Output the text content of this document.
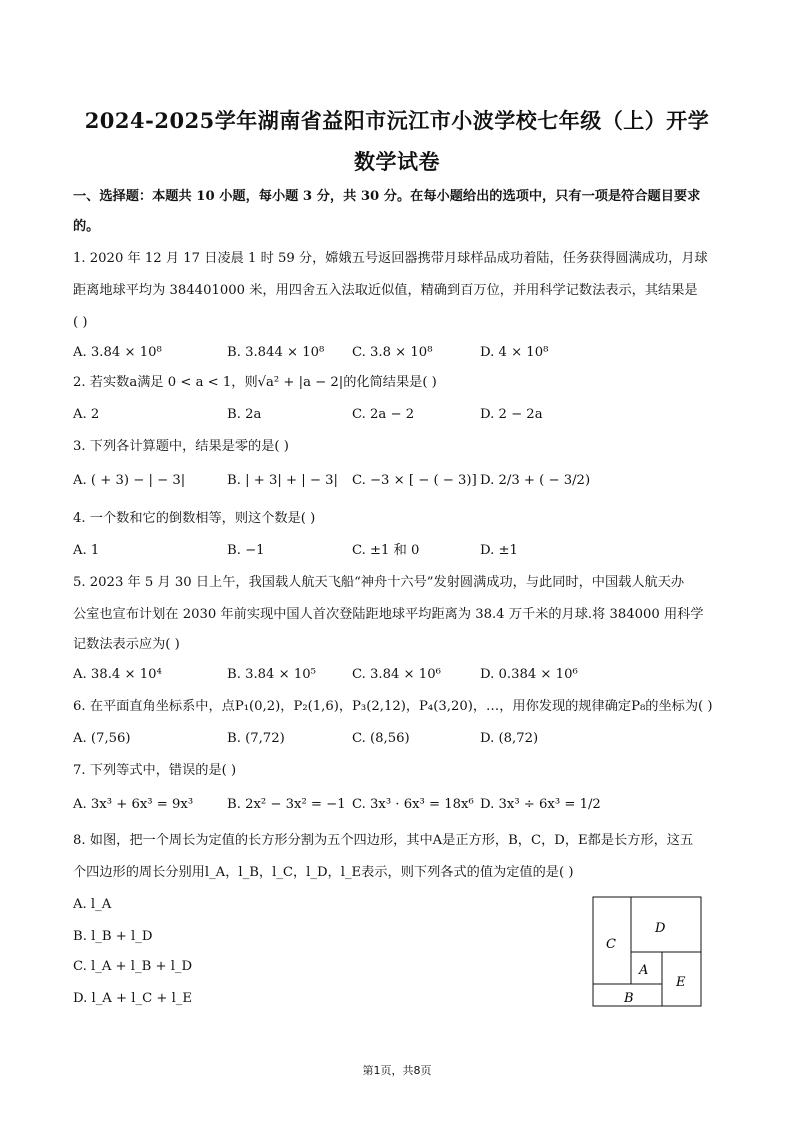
2024-2025学年湖南省益阳市沅江市小波学校七年级（上）开学
数学试卷
一、选择题：本题共 10 小题，每小题 3 分，共 30 分。在每小题给出的选项中，只有一项是符合题目要求
的。
1. 2020 年 12 月 17 日凌晨 1 时 59 分，嫦娥五号返回器携带月球样品成功着陆，任务获得圆满成功，月球
距离地球平均为 384401000 米，用四舍五入法取近似值，精确到百万位，并用科学记数法表示，其结果是
( )
A. 3.84 × 10⁸	B. 3.844 × 10⁸ C. 3.8 × 10⁸	D. 4 × 10⁸
2. 若实数a满足 0 < a < 1，则√a² + |a − 2|的化简结果是( )
A. 2	B. 2a	C. 2a − 2	D. 2 − 2a
3. 下列各计算题中，结果是零的是( )
A. ( + 3) − | − 3|	B. | + 3| + | − 3| C. −3 × [ − ( − 3)] D. 2/3 + ( − 3/2)
4. 一个数和它的倒数相等，则这个数是( )
A. 1	B. −1	C. ±1 和 0	D. ±1
5. 2023 年 5 月 30 日上午，我国载人航天飞船“神舟十六号”发射圆满成功，与此同时，中国载人航天办
公室也宣布计划在 2030 年前实现中国人首次登陆距地球平均距离为 38.4 万千米的月球.将 384000 用科学
记数法表示应为( )
A. 38.4 × 10⁴	B. 3.84 × 10⁵	C. 3.84 × 10⁶	D. 0.384 × 10⁶
6. 在平面直角坐标系中，点P₁(0,2)，P₂(1,6)，P₃(2,12)，P₄(3,20)，…，用你发现的规律确定P₈的坐标为( )
A. (7,56)	B. (7,72)	C. (8,56)	D. (8,72)
7. 下列等式中，错误的是( )
A. 3x³ + 6x³ = 9x³	B. 2x² − 3x² = −1 C. 3x³ · 6x³ = 18x⁶ D. 3x³ ÷ 6x³ = 1/2
8. 如图，把一个周长为定值的长方形分割为五个四边形，其中A是正方形，B，C，D，E都是长方形，这五
个四边形的周长分别用l_A，l_B，l_C，l_D，l_E表示，则下列各式的值为定值的是( )
A. l_A
B. l_B + l_D
C. l_A + l_B + l_D
D. l_A + l_C + l_E
C
D
A
E
B
第1页，共8页
